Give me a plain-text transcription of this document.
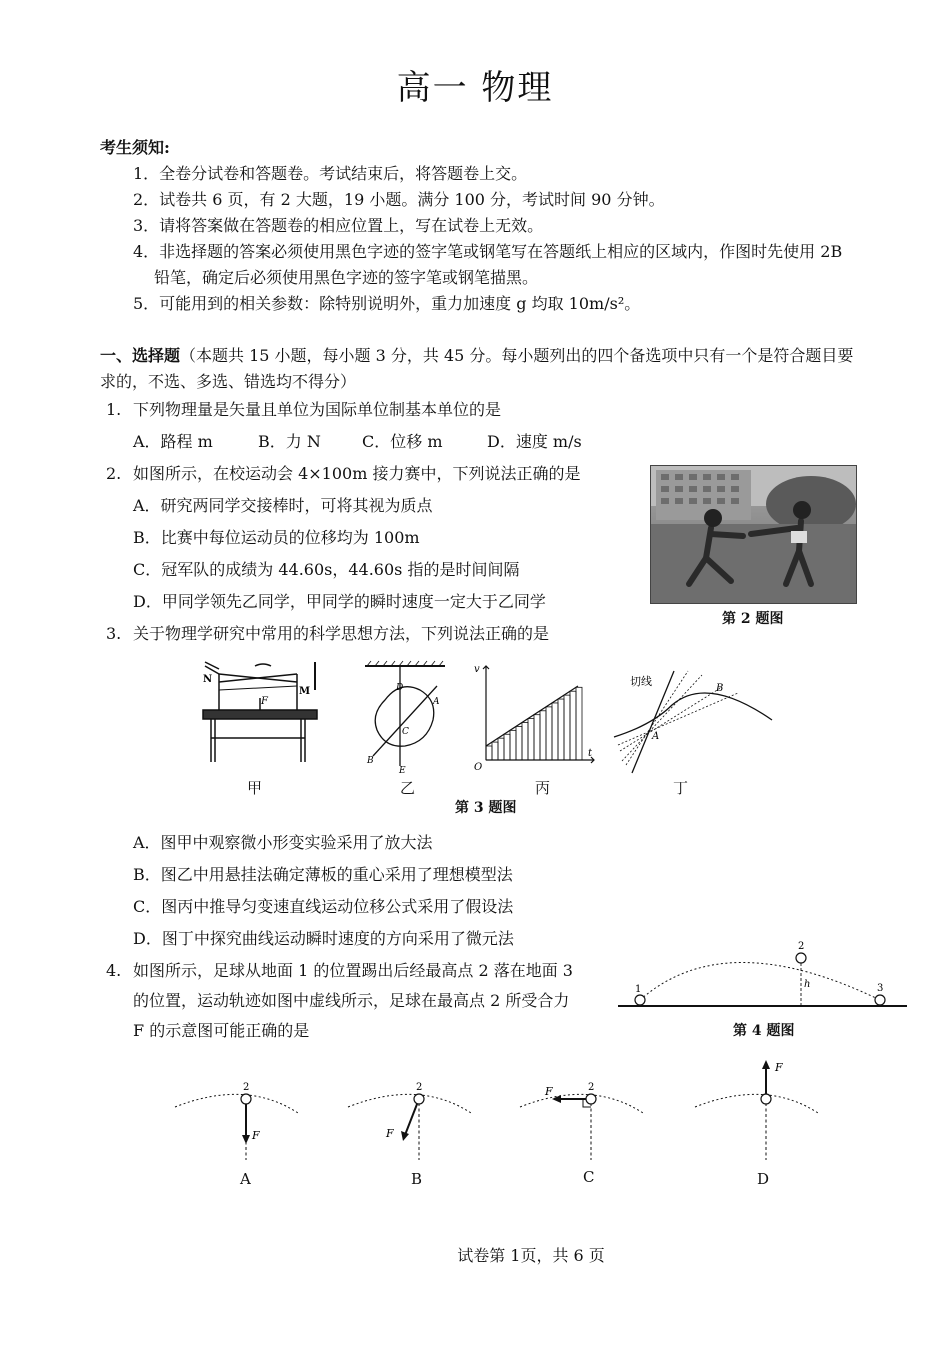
高一 物理
考生须知:
1．全卷分试卷和答题卷。考试结束后，将答题卷上交。
2．试卷共 6 页，有 2 大题，19 小题。满分 100 分，考试时间 90 分钟。
3．请将答案做在答题卷的相应位置上，写在试卷上无效。
4．非选择题的答案必须使用黑色字迹的签字笔或钢笔写在答题纸上相应的区域内，作图时先使用 2B
铅笔，确定后必须使用黑色字迹的签字笔或钢笔描黑。
5．可能用到的相关参数：除特别说明外，重力加速度 g 均取 10m/s²。
一、选择题（本题共 15 小题，每小题 3 分，共 45 分。每小题列出的四个备选项中只有一个是符合题目要
求的，不选、多选、错选均不得分）
1. 下列物理量是矢量且单位为国际单位制基本单位的是
A．路程 m	B．力 N	C．位移 m	D．速度 m/s
2. 如图所示，在校运动会 4×100m 接力赛中，下列说法正确的是
A．研究两同学交接棒时，可将其视为质点
B．比赛中每位运动员的位移均为 100m
C．冠军队的成绩为 44.60s，44.60s 指的是时间间隔
D．甲同学领先乙同学，甲同学的瞬时速度一定大于乙同学
第 2 题图
3. 关于物理学研究中常用的科学思想方法，下列说法正确的是
N
M
F
D
A
C
B
E
v
t
O
切线
A
B
甲	乙	丙	丁
第 3 题图
A．图甲中观察微小形变实验采用了放大法
B．图乙中用悬挂法确定薄板的重心采用了理想模型法
C．图丙中推导匀变速直线运动位移公式采用了假设法
D．图丁中探究曲线运动瞬时速度的方向采用了微元法
4. 如图所示，足球从地面 1 的位置踢出后经最高点 2 落在地面 3
的位置，运动轨迹如图中虚线所示，足球在最高点 2 所受合力
F 的示意图可能正确的是
1
2
3
h
第 4 题图
2
F
2
F
2
F
F
A	B	C	D
试卷第 1页，共 6 页
